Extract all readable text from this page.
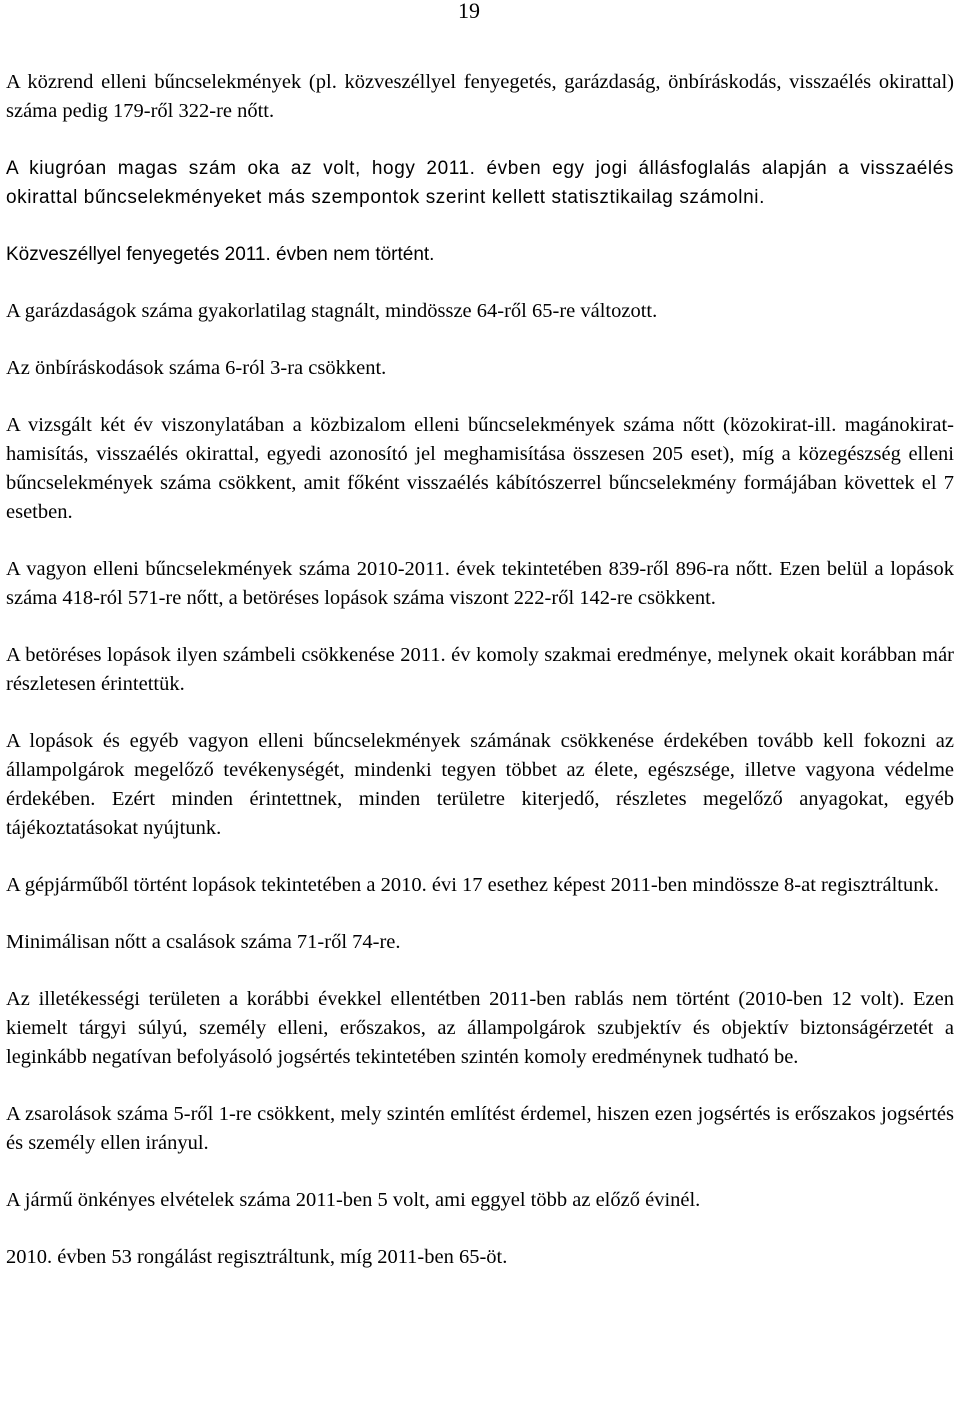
19

A közrend elleni bűncselekmények (pl. közveszéllyel fenyegetés, garázdaság, önbíráskodás, visszaélés okirattal) száma pedig 179-ről 322-re nőtt.

A kiugróan magas szám oka az volt, hogy 2011. évben egy jogi állásfoglalás alapján a visszaélés okirattal bűncselekményeket más szempontok szerint kellett statisztikailag számolni.

Közveszéllyel fenyegetés 2011. évben nem történt.

A garázdaságok száma gyakorlatilag stagnált, mindössze 64-ről 65-re változott.

Az önbíráskodások száma 6-ról 3-ra csökkent.

A vizsgált két év viszonylatában a közbizalom elleni bűncselekmények száma nőtt (közokirat-ill. magánokirat-hamisítás, visszaélés okirattal, egyedi azonosító jel meghamisítása összesen 205 eset), míg a közegészség elleni bűncselekmények száma csökkent, amit főként visszaélés kábítószerrel bűncselekmény formájában követtek el 7 esetben.

A vagyon elleni bűncselekmények száma 2010-2011. évek tekintetében 839-ről 896-ra nőtt. Ezen belül a lopások száma 418-ról 571-re nőtt, a betöréses lopások száma viszont 222-ről 142-re csökkent.

A betöréses lopások ilyen számbeli csökkenése 2011. év komoly szakmai eredménye, melynek okait korábban már részletesen érintettük.

A lopások és egyéb vagyon elleni bűncselekmények számának csökkenése érdekében tovább kell fokozni az állampolgárok megelőző tevékenységét, mindenki tegyen többet az élete, egészsége, illetve vagyona védelme érdekében. Ezért minden érintettnek, minden területre kiterjedő, részletes megelőző anyagokat, egyéb tájékoztatásokat nyújtunk.

A gépjárműből történt lopások tekintetében a 2010. évi 17 esethez képest 2011-ben mindössze 8-at regisztráltunk.

Minimálisan nőtt a csalások száma 71-ről 74-re.

Az illetékességi területen a korábbi évekkel ellentétben 2011-ben rablás nem történt (2010-ben 12 volt). Ezen kiemelt tárgyi súlyú, személy elleni, erőszakos, az állampolgárok szubjektív és objektív biztonságérzetét a leginkább negatívan befolyásoló jogsértés tekintetében szintén komoly eredménynek tudható be.

A zsarolások száma 5-ről 1-re csökkent, mely szintén említést érdemel, hiszen ezen jogsértés is erőszakos jogsértés és személy ellen irányul.

A jármű önkényes elvételek száma 2011-ben 5 volt, ami eggyel több az előző évinél.

2010. évben 53 rongálást regisztráltunk, míg 2011-ben 65-öt.
